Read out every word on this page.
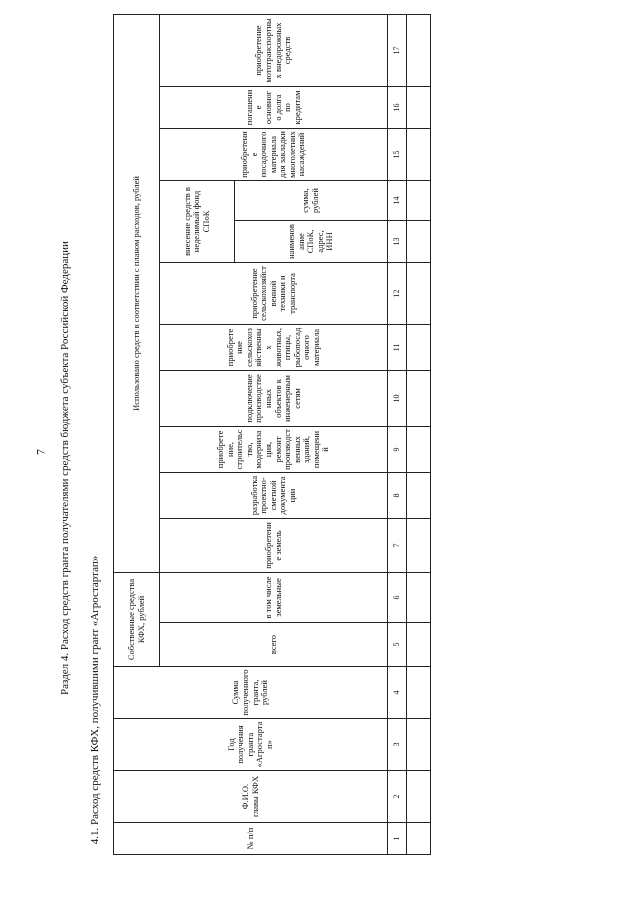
7 Раздел 4. Расход средств гранта получателями средств бюджета субъекта Российской Федерации
4.1. Расход средств КФХ, получившими грант «Агростартап»	№ п/п	Ф.И.О. главы КФХ	Год получения гранта «Агростартап»	Сумма полученного гранта, рублей	Собственные средства КФХ, рублей		Использовано средств в соответствии с планом расходов, рублей										
				всего	в том числе земельные	приобретение земель	разработка проектно-сметной документации	приобретение, строительство, модернизация, ремонт производственных зданий, помещений	подключение производственных объектов к инженерным сетям	приобретение сельскохозяйственных животных, птицы, рыбопосадочного материала	приобретение сельскохозяйственной техники и транспорта	внесение средств в неделимый фонд СПоК		приобретение посадочного материала для закладки многолетних насаждений	погашение основного долга по кредитам	приобретение мототранспортных внедорожных средств
												наименование СПоК, адрес, ИНН	сумма, рублей			
1	2	3	4	5	6	7	8	9	10	11	12	13	14	15	16	17
